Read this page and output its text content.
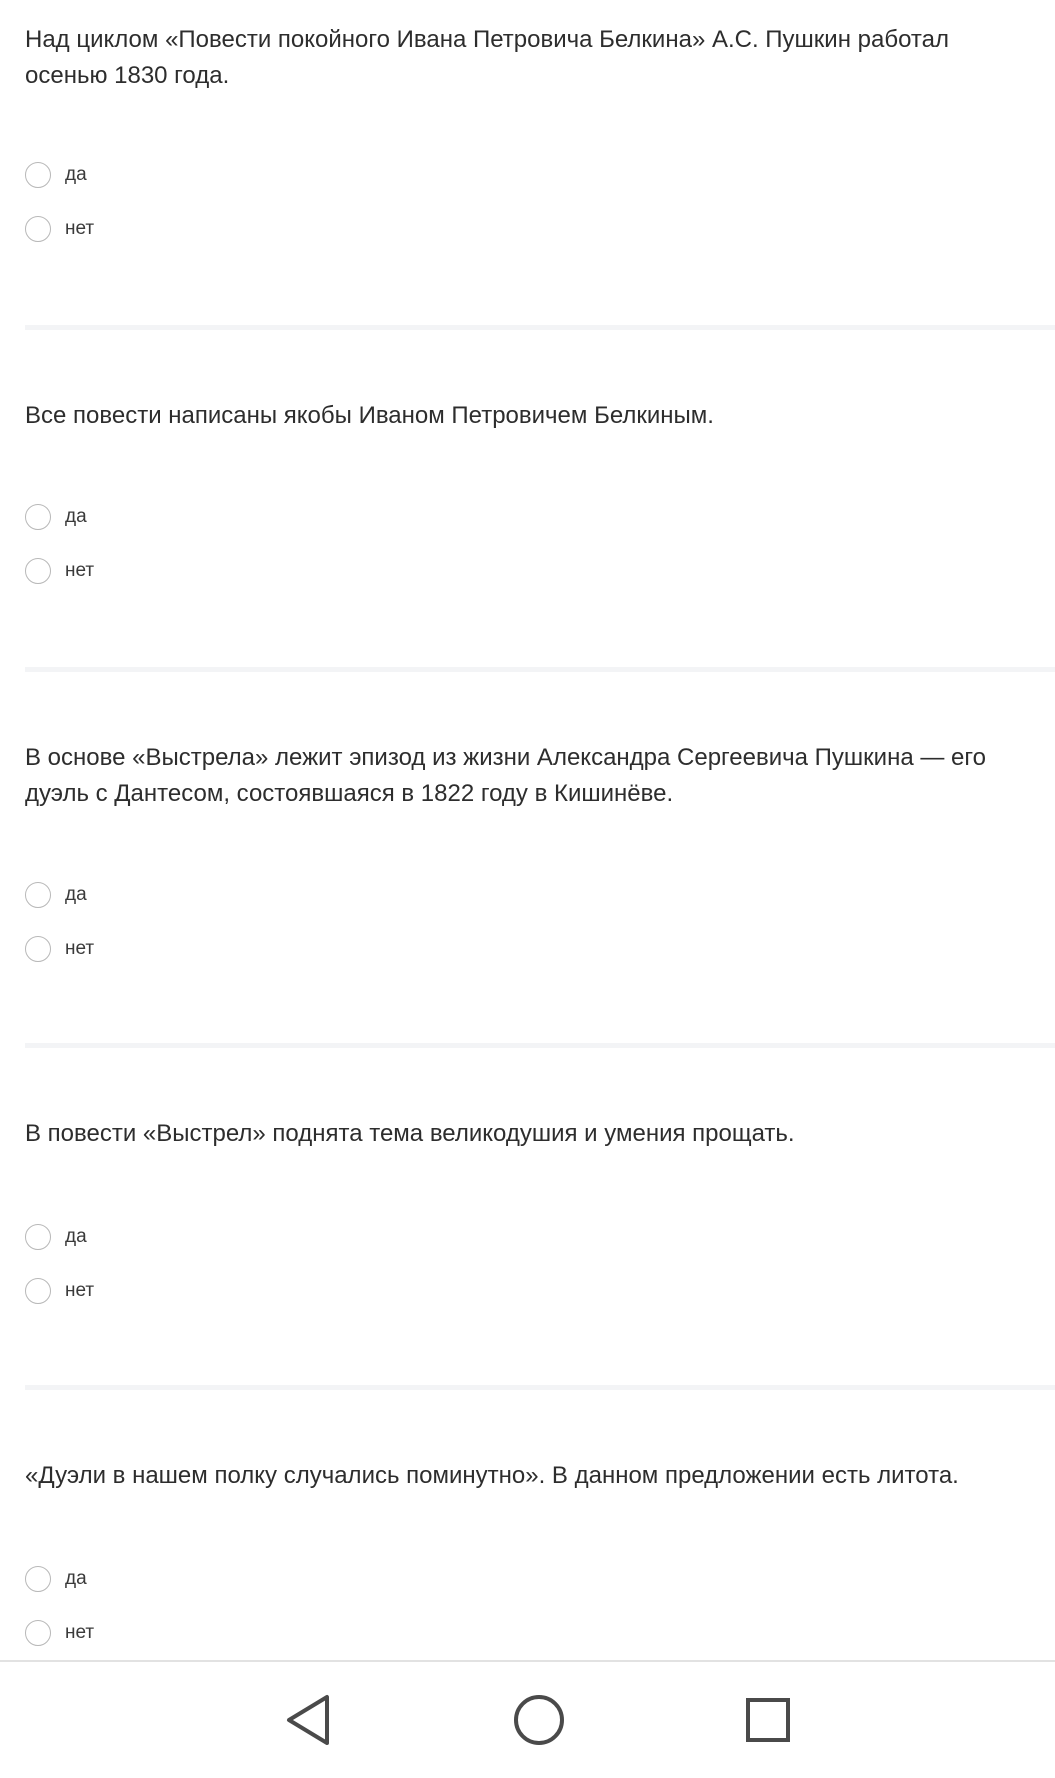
Над циклом «Повести покойного Ивана Петровича Белкина» А.С. Пушкин работал осенью 1830 года.

да
нет

Все повести написаны якобы Иваном Петровичем Белкиным.

да
нет

В основе «Выстрела» лежит эпизод из жизни Александра Сергеевича Пушкина — его дуэль с Дантесом, состоявшаяся в 1822 году в Кишинёве.

да
нет

В повести «Выстрел» поднята тема великодушия и умения прощать.

да
нет

«Дуэли в нашем полку случались поминутно». В данном предложении есть литота.

да
нет
